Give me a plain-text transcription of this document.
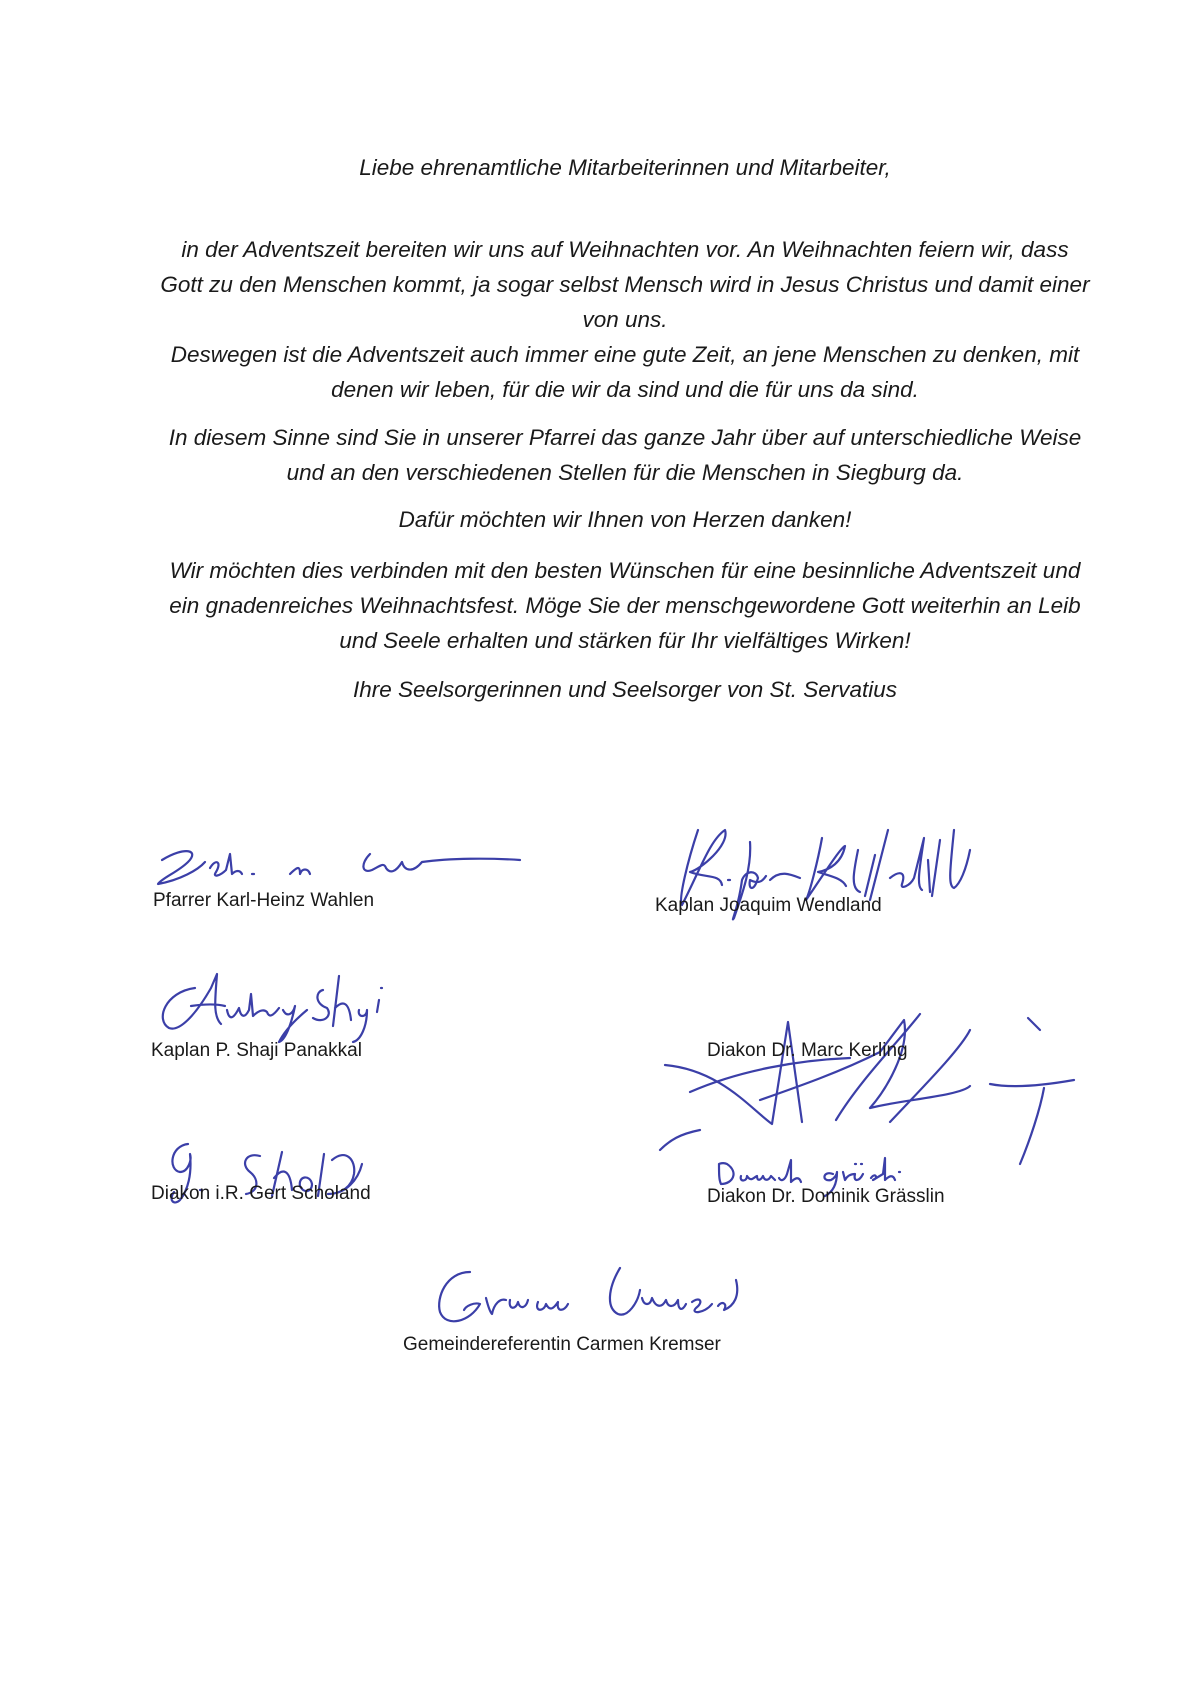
Liebe ehrenamtliche Mitarbeiterinnen und Mitarbeiter,

in der Adventszeit bereiten wir uns auf Weihnachten vor. An Weihnachten feiern wir, dass
Gott zu den Menschen kommt, ja sogar selbst Mensch wird in Jesus Christus und damit einer
von uns.

Deswegen ist die Adventszeit auch immer eine gute Zeit, an jene Menschen zu denken, mit
denen wir leben, für die wir da sind und die für uns da sind.

In diesem Sinne sind Sie in unserer Pfarrei das ganze Jahr über auf unterschiedliche Weise
und an den verschiedenen Stellen für die Menschen in Siegburg da.

Dafür möchten wir Ihnen von Herzen danken!

Wir möchten dies verbinden mit den besten Wünschen für eine besinnliche Adventszeit und
ein gnadenreiches Weihnachtsfest. Möge Sie der menschgewordene Gott weiterhin an Leib
und Seele erhalten und stärken für Ihr vielfältiges Wirken!

Ihre Seelsorgerinnen und Seelsorger von St. Servatius

Pfarrer Karl-Heinz Wahlen	Kaplan Joaquim Wendland
Kaplan P. Shaji Panakkal	Diakon Dr. Marc Kerling
Diakon i.R. Gert Scholand	Diakon Dr. Dominik Grässlin
Gemeindereferentin Carmen Kremser
